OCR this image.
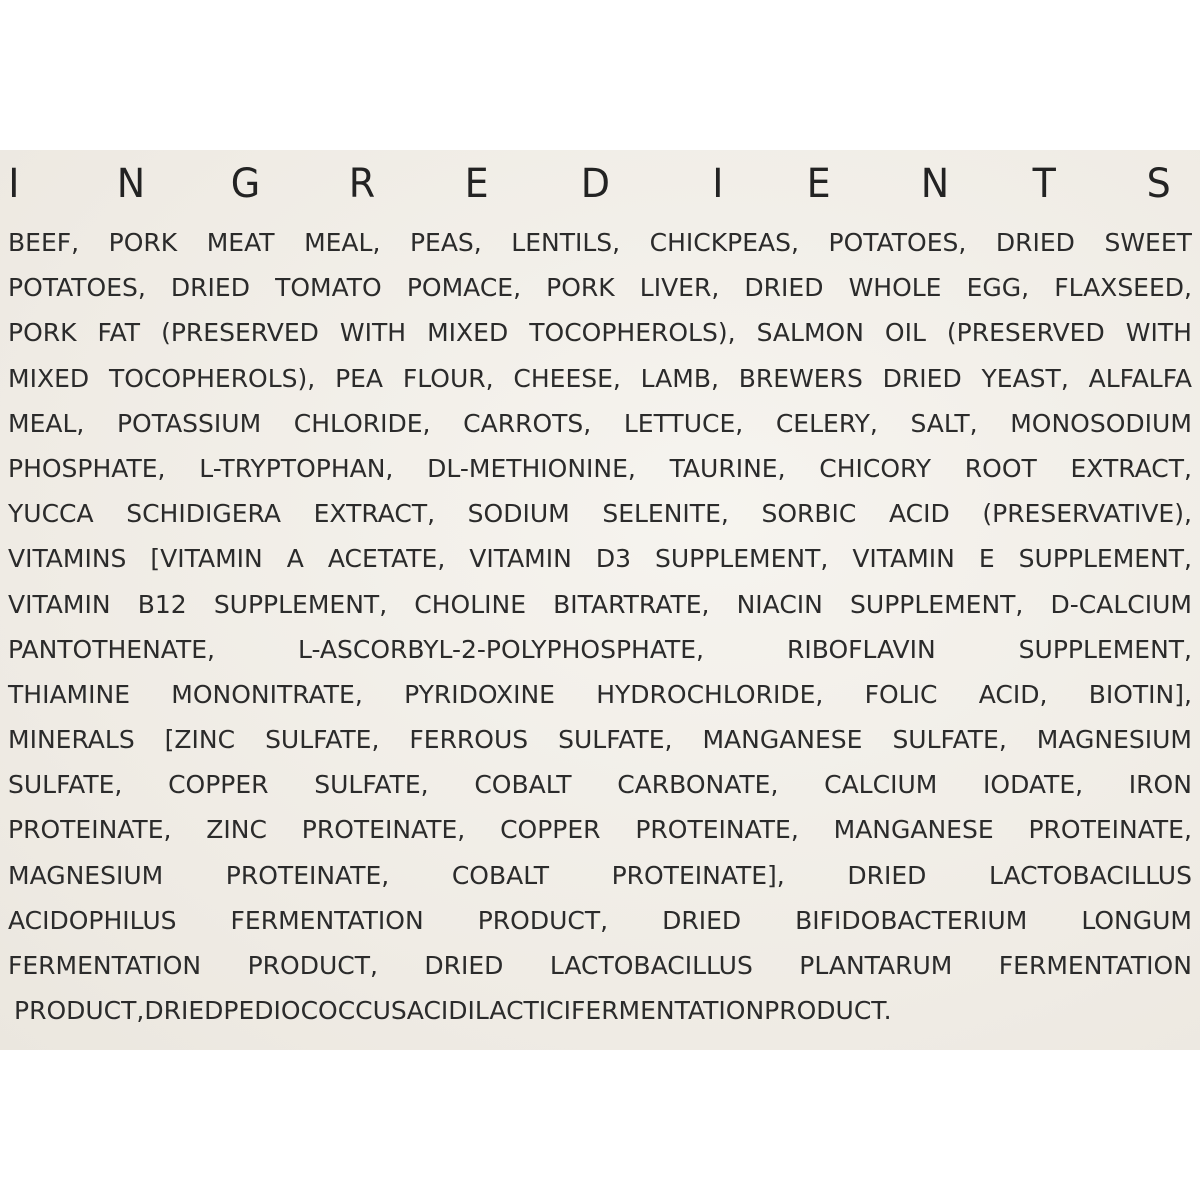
I N G R E D	I E N T S
BEEF, PORK MEAT MEAL, PEAS, LENTILS, CHICKPEAS, POTATOES, DRIED SWEET
POTATOES, DRIED TOMATO POMACE, PORK LIVER, DRIED WHOLE EGG, FLAXSEED,
PORK FAT (PRESERVED WITH MIXED TOCOPHEROLS), SALMON OIL (PRESERVED WITH
MIXED TOCOPHEROLS), PEA FLOUR, CHEESE, LAMB, BREWERS DRIED YEAST, ALFALFA
MEAL, POTASSIUM CHLORIDE, CARROTS, LETTUCE, CELERY, SALT, MONOSODIUM
PHOSPHATE, L-TRYPTOPHAN, DL-METHIONINE, TAURINE, CHICORY ROOT EXTRACT,
YUCCA SCHIDIGERA EXTRACT, SODIUM SELENITE, SORBIC ACID (PRESERVATIVE),
VITAMINS [VITAMIN A ACETATE, VITAMIN D3 SUPPLEMENT, VITAMIN E SUPPLEMENT,
VITAMIN B12 SUPPLEMENT, CHOLINE BITARTRATE, NIACIN SUPPLEMENT, D-CALCIUM
PANTOTHENATE,	L-ASCORBYL-2-POLYPHOSPHATE,	RIBOFLAVIN	SUPPLEMENT,
THIAMINE MONONITRATE, PYRIDOXINE HYDROCHLORIDE, FOLIC ACID, BIOTIN],
MINERALS [ZINC SULFATE, FERROUS SULFATE, MANGANESE SULFATE, MAGNESIUM
SULFATE, COPPER SULFATE, COBALT CARBONATE, CALCIUM IODATE, IRON
PROTEINATE, ZINC PROTEINATE, COPPER PROTEINATE, MANGANESE PROTEINATE,
MAGNESIUM	PROTEINATE,	COBALT	PROTEINATE],	DRIED	LACTOBACILLUS
ACIDOPHILUS FERMENTATION PRODUCT, DRIED BIFIDOBACTERIUM LONGUM
FERMENTATION PRODUCT, DRIED LACTOBACILLUS PLANTARUM FERMENTATION
PRODUCT, DRIED PEDIOCOCCUS ACIDILACTICI FERMENTATION PRODUCT.
